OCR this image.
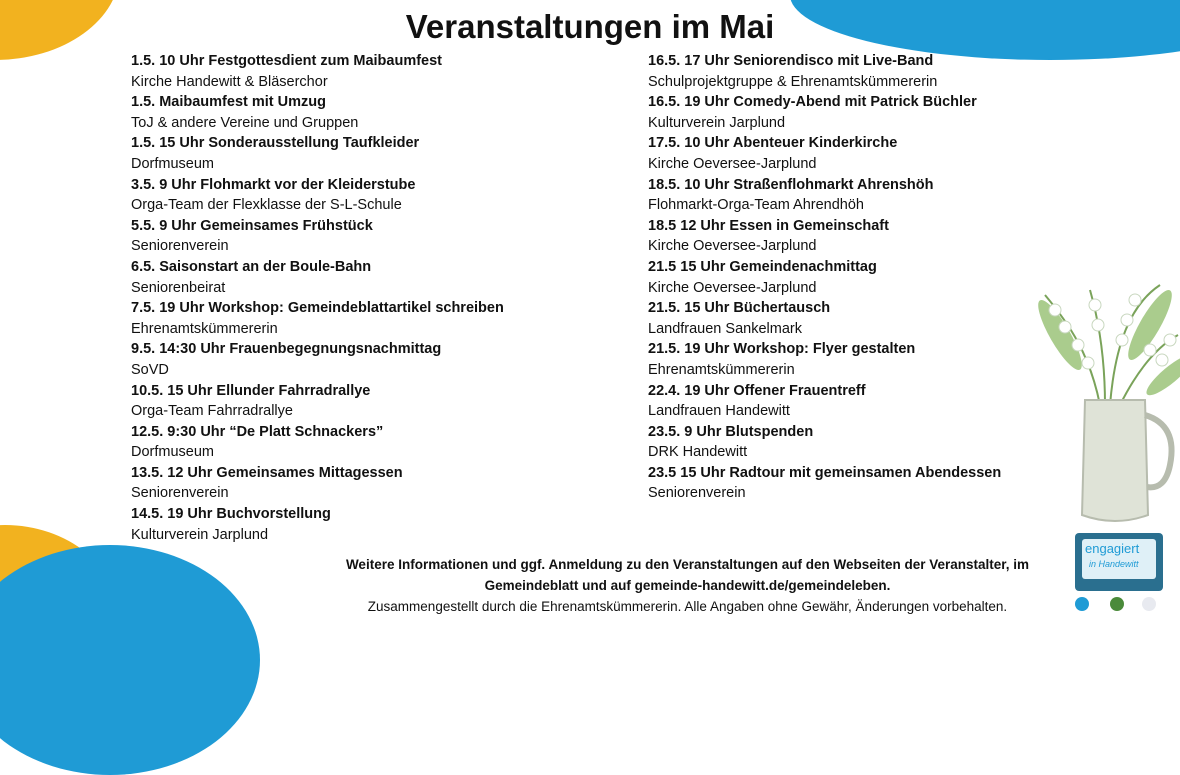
Veranstaltungen im Mai
1.5. 10 Uhr Festgottesdient zum Maibaumfest
Kirche Handewitt & Bläserchor
1.5. Maibaumfest mit Umzug
ToJ & andere Vereine und Gruppen
1.5. 15 Uhr Sonderausstellung Taufkleider
Dorfmuseum
3.5. 9 Uhr Flohmarkt vor der Kleiderstube
Orga-Team der Flexklasse der S-L-Schule
5.5. 9 Uhr Gemeinsames Frühstück
Seniorenverein
6.5. Saisonstart an der Boule-Bahn
Seniorenbeirat
7.5. 19 Uhr Workshop: Gemeindeblattartikel schreiben
Ehrenamtskümmererin
9.5. 14:30 Uhr Frauenbegegnungsnachmittag
SoVD
10.5. 15 Uhr Ellunder Fahrradrallye
Orga-Team Fahrradrallye
12.5. 9:30 Uhr “De Platt Schnackers”
Dorfmuseum
13.5. 12 Uhr Gemeinsames Mittagessen
Seniorenverein
14.5. 19 Uhr Buchvorstellung
Kulturverein Jarplund
16.5. 17 Uhr Seniorendisco mit Live-Band
Schulprojektgruppe & Ehrenamtskümmererin
16.5. 19 Uhr Comedy-Abend mit Patrick Büchler
Kulturverein Jarplund
17.5. 10 Uhr Abenteuer Kinderkirche
Kirche Oeversee-Jarplund
18.5. 10 Uhr Straßenflohmarkt Ahrenshöh
Flohmarkt-Orga-Team Ahrendhöh
18.5 12 Uhr Essen in Gemeinschaft
Kirche Oeversee-Jarplund
21.5 15 Uhr Gemeindenachmittag
Kirche Oeversee-Jarplund
21.5. 15 Uhr Büchertausch
Landfrauen Sankelmark
21.5. 19 Uhr Workshop: Flyer gestalten
Ehrenamtskümmererin
22.4. 19 Uhr Offener Frauentreff
Landfrauen Handewitt
23.5. 9 Uhr Blutspenden
DRK Handewitt
23.5 15 Uhr Radtour mit gemeinsamen Abendessen
Seniorenverein
engagiert
in Handewitt
Weitere Informationen und ggf. Anmeldung zu den Veranstaltungen auf den Webseiten der Veranstalter, im
Gemeindeblatt und auf gemeinde-handewitt.de/gemeindeleben.
Zusammengestellt durch die Ehrenamtskümmererin. Alle Angaben ohne Gewähr, Änderungen vorbehalten.
